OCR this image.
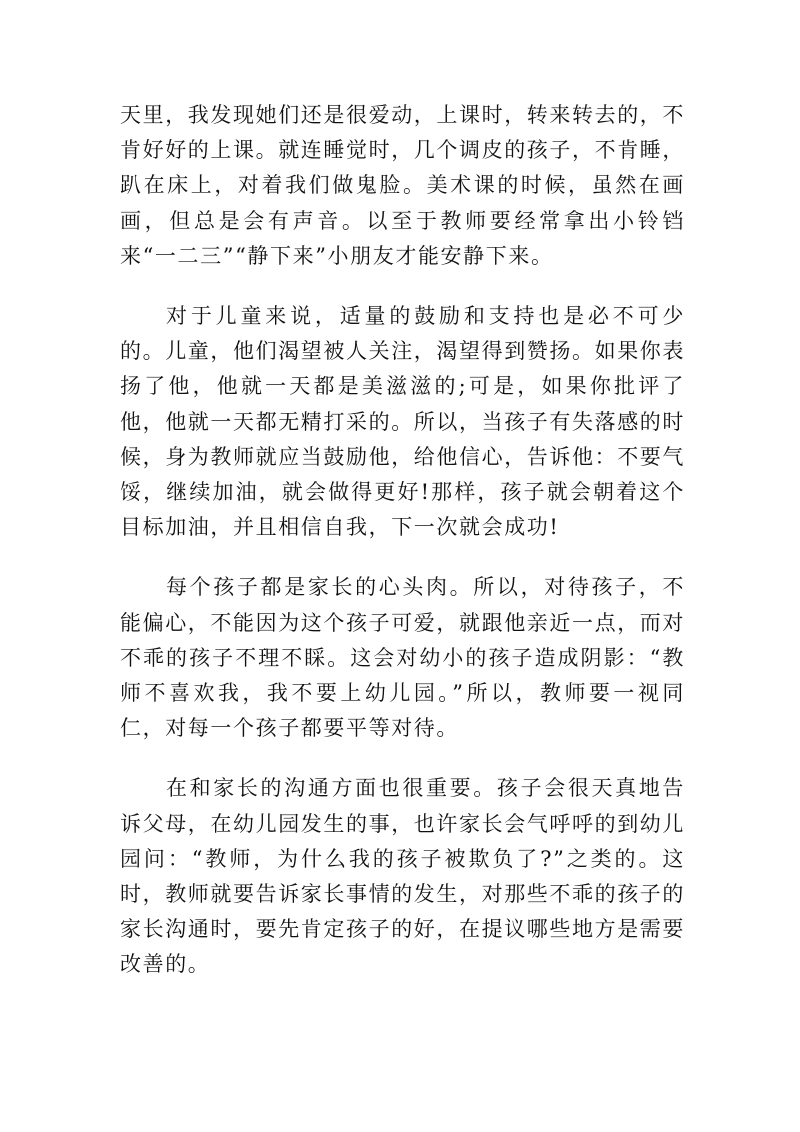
天里，我发现她们还是很爱动，上课时，转来转去的，不肯好好的上课。就连睡觉时，几个调皮的孩子，不肯睡，趴在床上，对着我们做鬼脸。美术课的时候，虽然在画画，但总是会有声音。以至于教师要经常拿出小铃铛来“一二三”“静下来”小朋友才能安静下来。

对于儿童来说，适量的鼓励和支持也是必不可少的。儿童，他们渴望被人关注，渴望得到赞扬。如果你表扬了他，他就一天都是美滋滋的;可是，如果你批评了他，他就一天都无精打采的。所以，当孩子有失落感的时候，身为教师就应当鼓励他，给他信心，告诉他：不要气馁，继续加油，就会做得更好!那样，孩子就会朝着这个目标加油，并且相信自我，下一次就会成功!

每个孩子都是家长的心头肉。所以，对待孩子，不能偏心，不能因为这个孩子可爱，就跟他亲近一点，而对不乖的孩子不理不睬。这会对幼小的孩子造成阴影：“教师不喜欢我，我不要上幼儿园。”所以，教师要一视同仁，对每一个孩子都要平等对待。

在和家长的沟通方面也很重要。孩子会很天真地告诉父母，在幼儿园发生的事，也许家长会气呼呼的到幼儿园问：“教师，为什么我的孩子被欺负了?”之类的。这时，教师就要告诉家长事情的发生，对那些不乖的孩子的家长沟通时，要先肯定孩子的好，在提议哪些地方是需要改善的。
